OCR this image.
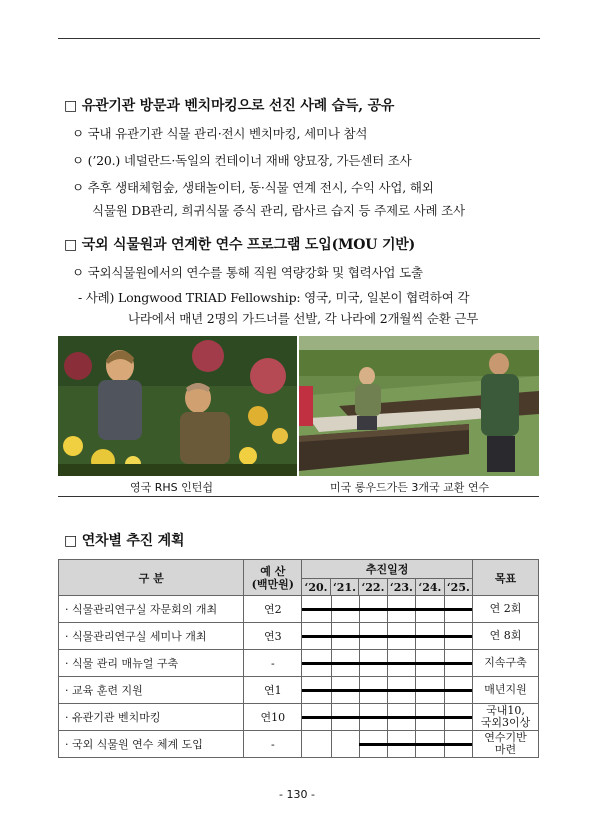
□ 유관기관 방문과 벤치마킹으로 선진 사례 습득, 공유
ㅇ 국내 유관기관 식물 관리·전시 벤치마킹, 세미나 참석
ㅇ (’20.) 네덜란드·독일의 컨테이너 재배 양묘장, 가든센터 조사
ㅇ 추후 생태체험숲, 생태놀이터, 동·식물 연계 전시, 수익 사업, 해외
식물원 DB관리, 희귀식물 증식 관리, 람사르 습지 등 주제로 사례 조사
□ 국외 식물원과 연계한 연수 프로그램 도입(MOU 기반)
ㅇ 국외식물원에서의 연수를 통해 직원 역량강화 및 협력사업 도출
- 사례) Longwood TRIAD Fellowship: 영국, 미국, 일본이 협력하여 각
나라에서 매년 2명의 가드너를 선발, 각 나라에 2개월씩 순환 근무
영국 RHS 인턴쉽	미국 롱우드가든 3개국 교환 연수
□ 연차별 추진 계획
구 분	예 산
(백만원)	추진일정						목표
		‘20.	‘21.	‘22.	‘23.	‘24.	‘25.	
· 식물관리연구실 자문회의 개최	연2							연 2회
· 식물관리연구실 세미나 개최	연3							연 8회
· 식물 관리 매뉴얼 구축	-							지속구축
· 교육 훈련 지원	연1							매년지원
· 유관기관 벤치마킹	연10							국내10,
국외3이상
· 국외 식물원 연수 체계 도입	-							연수기반
마련
- 130 -
